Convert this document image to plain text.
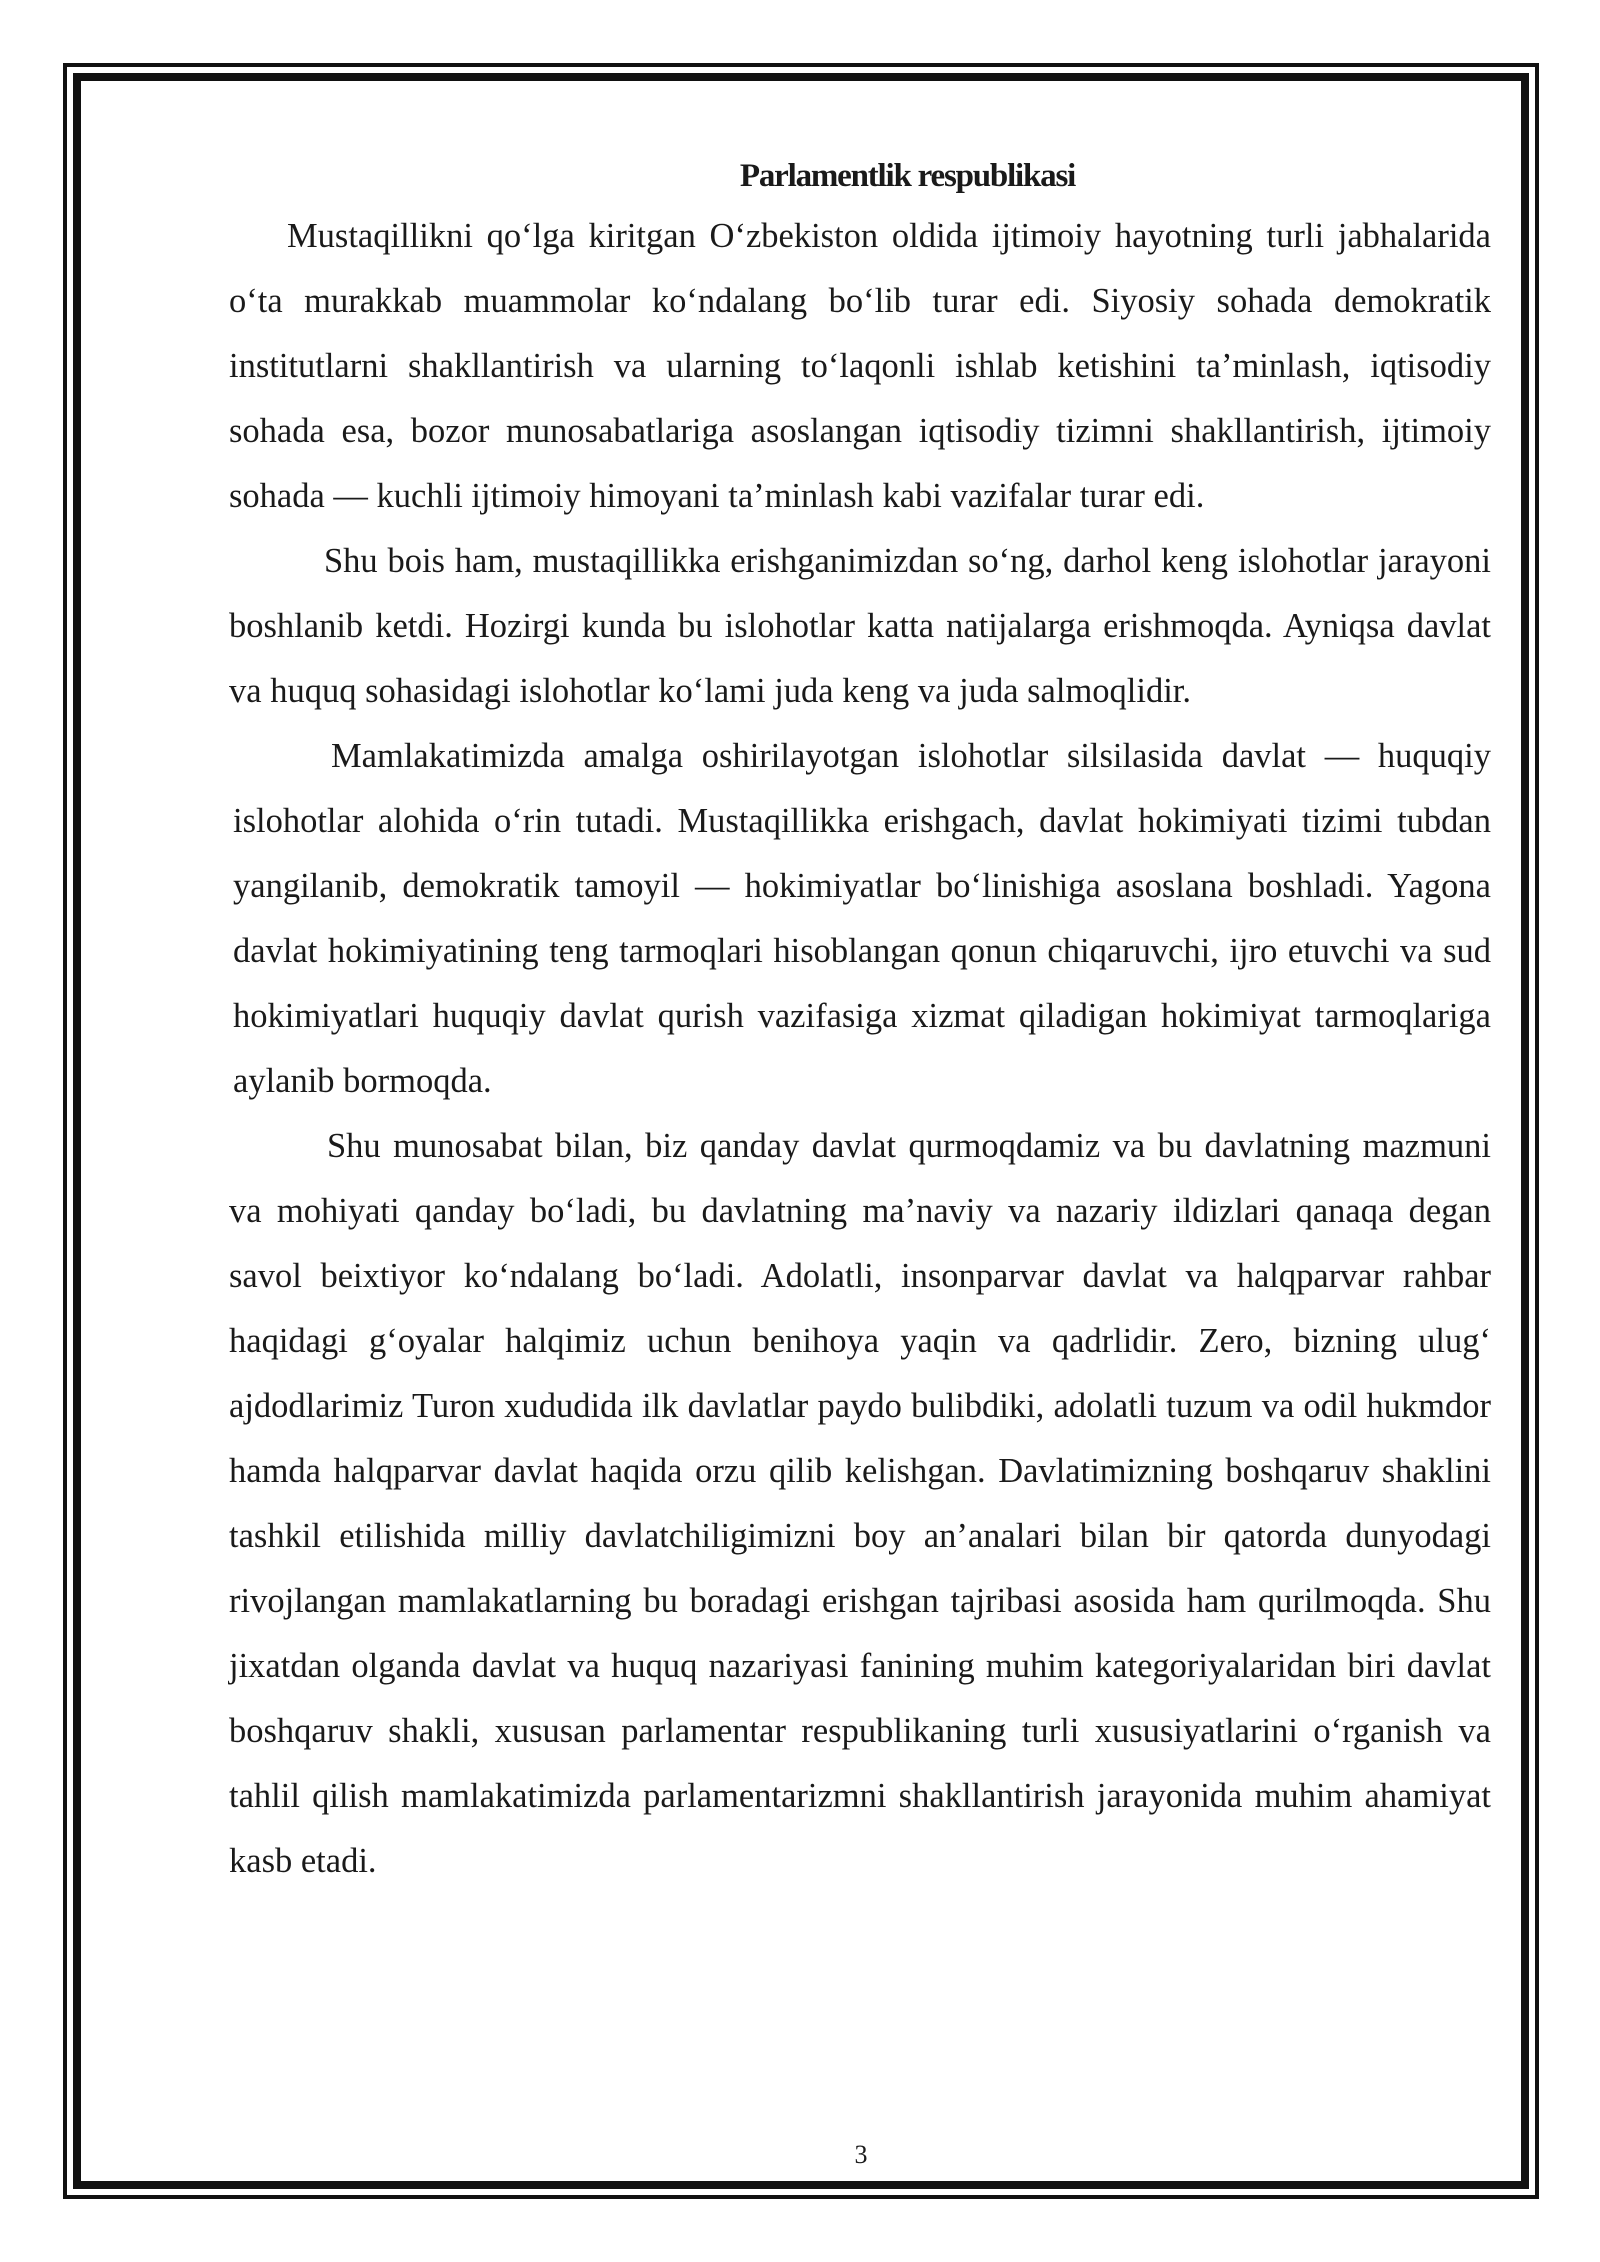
Parlamentlik respublikasi

Mustaqillikni qo‘lga kiritgan O‘zbekiston oldida ijtimoiy hayotning turli jabhalarida o‘ta murakkab muammolar ko‘ndalang bo‘lib turar edi. Siyosiy sohada demokratik institutlarni shakllantirish va ularning to‘laqonli ishlab ketishini ta’minlash, iqtisodiy sohada esa, bozor munosabatlariga asoslangan iqtisodiy tizimni shakllantirish, ijtimoiy sohada — kuchli ijtimoiy himoyani ta’minlash kabi vazifalar turar edi.

Shu bois ham, mustaqillikka erishganimizdan so‘ng, darhol keng islohotlar jarayoni boshlanib ketdi. Hozirgi kunda bu islohotlar katta natijalarga erishmoqda. Ayniqsa davlat va huquq sohasidagi islohotlar ko‘lami juda keng va juda salmoqlidir.

Mamlakatimizda amalga oshirilayotgan islohotlar silsilasida davlat — huquqiy islohotlar alohida o‘rin tutadi. Mustaqillikka erishgach, davlat hokimiyati tizimi tubdan yangilanib, demokratik tamoyil — hokimiyatlar bo‘linishiga asoslana boshladi. Yagona davlat hokimiyatining teng tarmoqlari hisoblangan qonun chiqaruvchi, ijro etuvchi va sud hokimiyatlari huquqiy davlat qurish vazifasiga xizmat qiladigan hokimiyat tarmoqlariga aylanib bormoqda.

Shu munosabat bilan, biz qanday davlat qurmoqdamiz va bu davlatning mazmuni va mohiyati qanday bo‘ladi, bu davlatning ma’naviy va nazariy ildizlari qanaqa degan savol beixtiyor ko‘ndalang bo‘ladi. Adolatli, insonparvar davlat va halqparvar rahbar haqidagi g‘oyalar halqimiz uchun benihoya yaqin va qadrlidir. Zero, bizning ulug‘ ajdodlarimiz Turon xududida ilk davlatlar paydo bulibdiki, adolatli tuzum va odil hukmdor hamda halqparvar davlat haqida orzu qilib kelishgan. Davlatimizning boshqaruv shaklini tashkil etilishida milliy davlatchiligimizni boy an’analari bilan bir qatorda dunyodagi rivojlangan mamlakatlarning bu boradagi erishgan tajribasi asosida ham qurilmoqda. Shu jixatdan olganda davlat va huquq nazariyasi fanining muhim kategoriyalaridan biri davlat boshqaruv shakli, xususan parlamentar respublikaning turli xususiyatlarini o‘rganish va tahlil qilish mamlakatimizda parlamentarizmni shakllantirish jarayonida muhim ahamiyat kasb etadi.

3
